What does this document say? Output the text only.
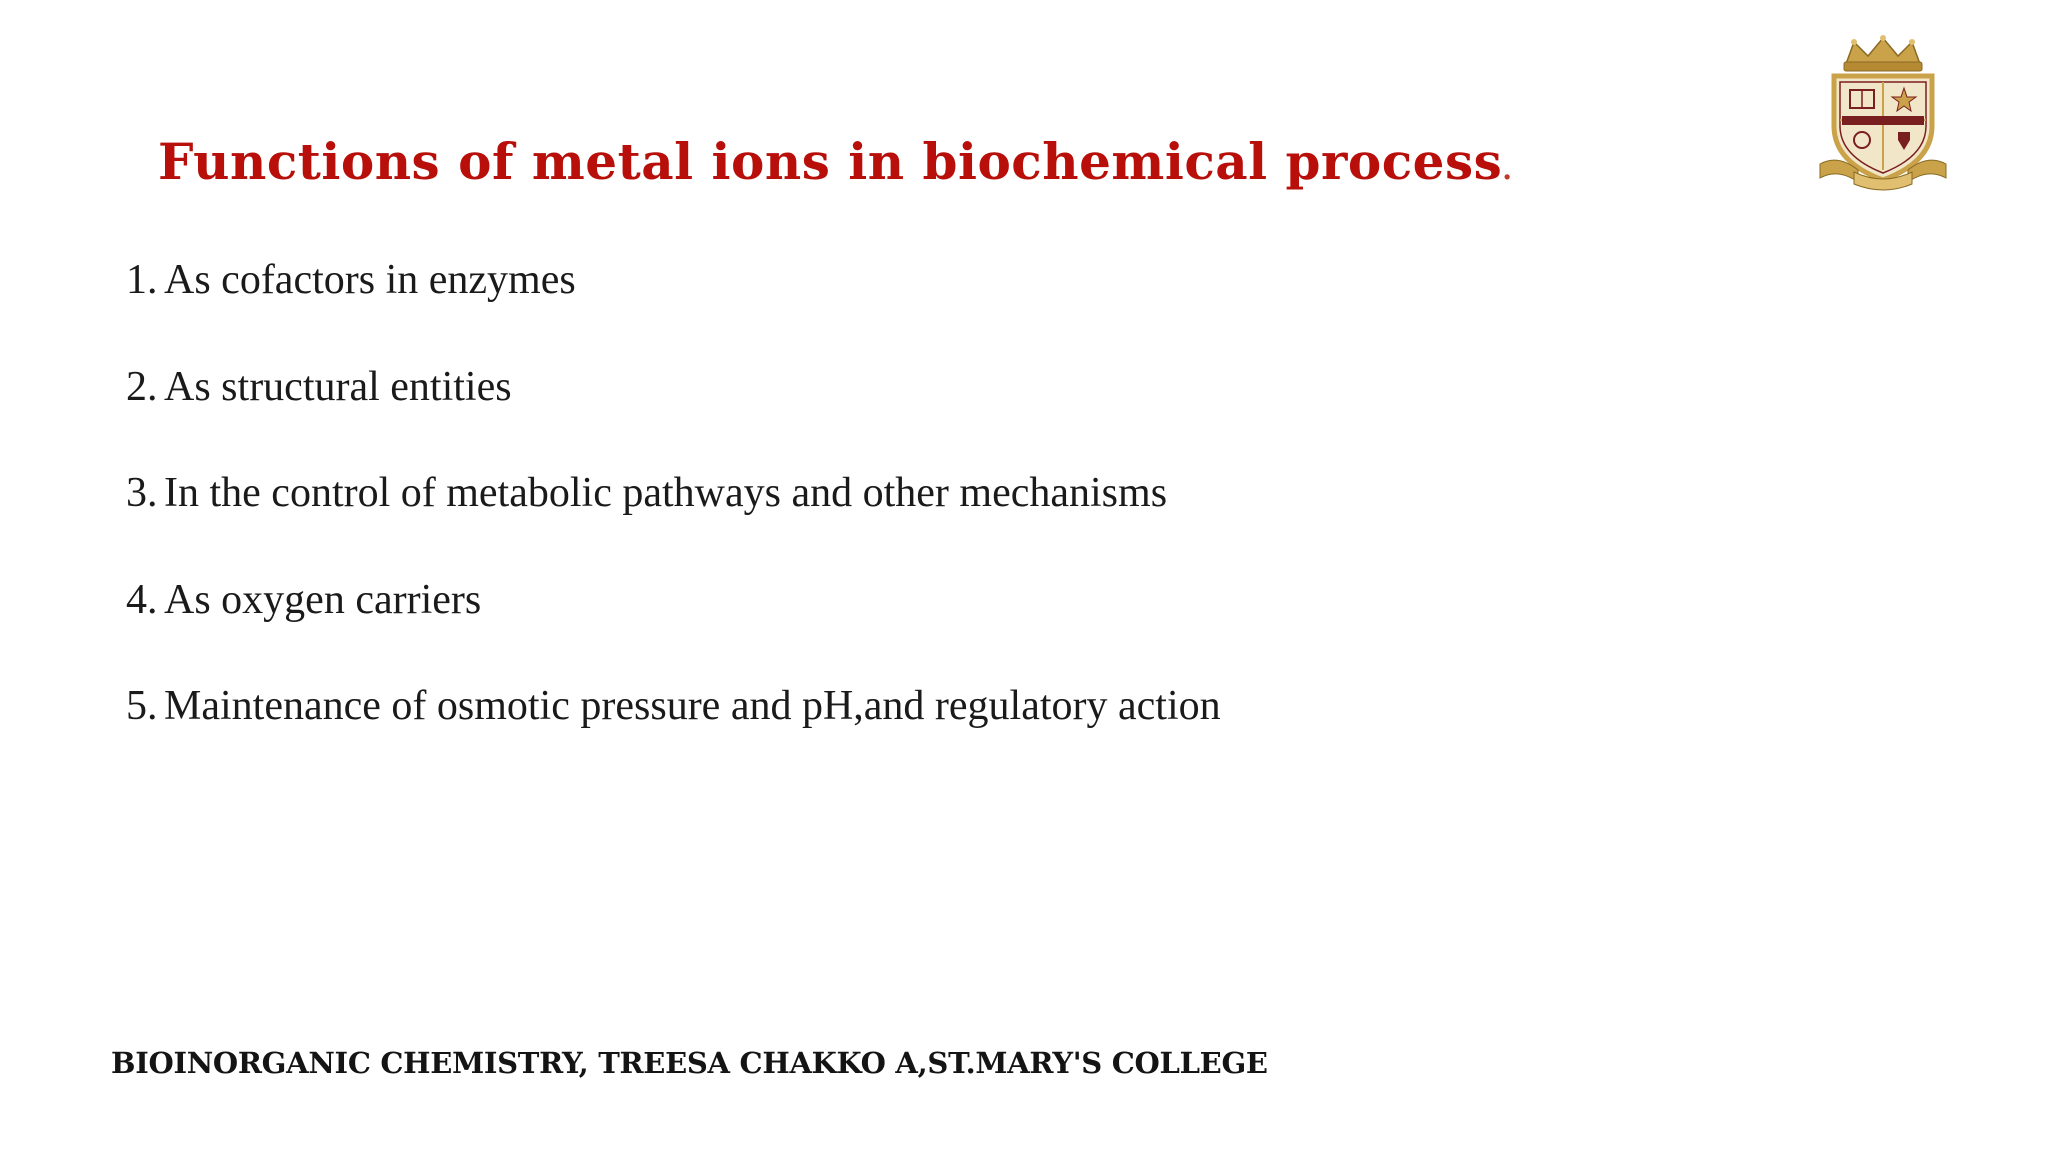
Functions of metal ions in biochemical process.
1. As cofactors in enzymes
2. As structural entities
3. In the control of metabolic pathways and other mechanisms
4. As oxygen carriers
5. Maintenance of osmotic pressure and pH,and regulatory action

BIOINORGANIC CHEMISTRY, TREESA CHAKKO A,ST.MARY'S COLLEGE
